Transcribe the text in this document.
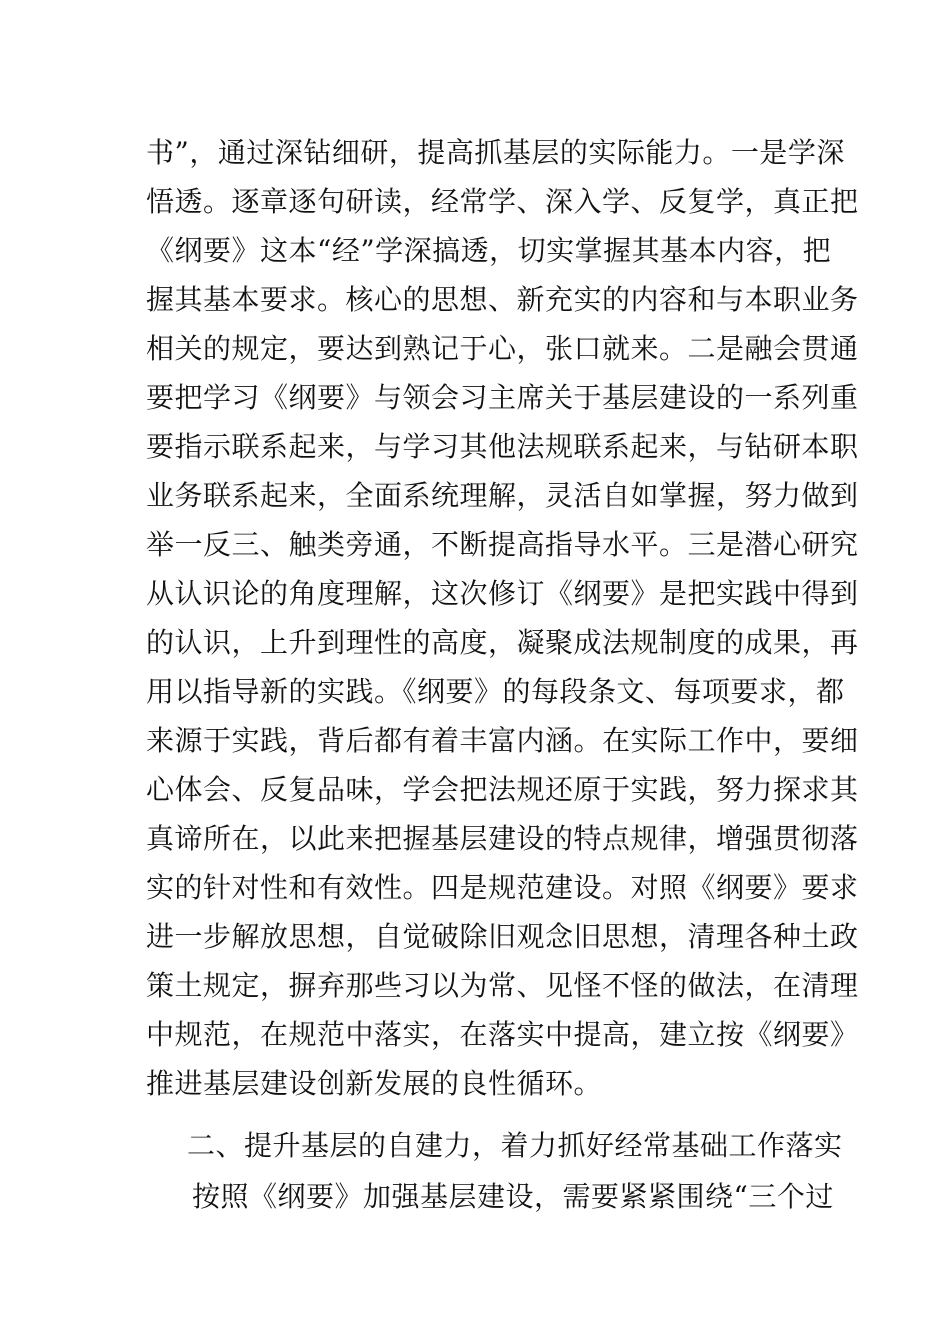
书”，通过深钻细研，提高抓基层的实际能力。一是学深
悟透。逐章逐句研读，经常学、深入学、反复学，真正把
《纲要》这本“经”学深搞透，切实掌握其基本内容，把
握其基本要求。核心的思想、新充实的内容和与本职业务
相关的规定，要达到熟记于心，张口就来。二是融会贯通
要把学习《纲要》与领会习主席关于基层建设的一系列重
要指示联系起来，与学习其他法规联系起来，与钻研本职
业务联系起来，全面系统理解，灵活自如掌握，努力做到
举一反三、触类旁通，不断提高指导水平。三是潜心研究
从认识论的角度理解，这次修订《纲要》是把实践中得到
的认识，上升到理性的高度，凝聚成法规制度的成果，再
用以指导新的实践。《纲要》的每段条文、每项要求，都
来源于实践，背后都有着丰富内涵。在实际工作中，要细
心体会、反复品味，学会把法规还原于实践，努力探求其
真谛所在，以此来把握基层建设的特点规律，增强贯彻落
实的针对性和有效性。四是规范建设。对照《纲要》要求
进一步解放思想，自觉破除旧观念旧思想，清理各种土政
策土规定，摒弃那些习以为常、见怪不怪的做法，在清理
中规范，在规范中落实，在落实中提高，建立按《纲要》
推进基层建设创新发展的良性循环。
二、提升基层的自建力，着力抓好经常基础工作落实
按照《纲要》加强基层建设，需要紧紧围绕“三个过
